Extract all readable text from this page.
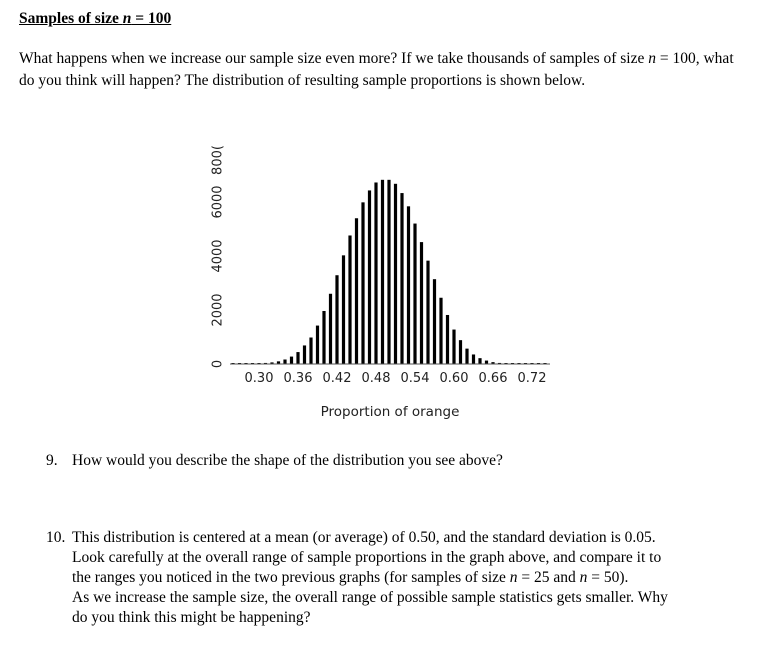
Samples of size n = 100
What happens when we increase our sample size even more? If we take thousands of samples of size n = 100, what do you think will happen? The distribution of resulting sample proportions is shown below.
0.30 0.36 0.42 0.48 0.54 0.60 0.66 0.72
0
2000
4000
6000
800(
Proportion of orange
9. How would you describe the shape of the distribution you see above?
10. This distribution is centered at a mean (or average) of 0.50, and the standard deviation is 0.05.
Look carefully at the overall range of sample proportions in the graph above, and compare it to
the ranges you noticed in the two previous graphs (for samples of size n = 25 and n = 50).
As we increase the sample size, the overall range of possible sample statistics gets smaller. Why
do you think this might be happening?
